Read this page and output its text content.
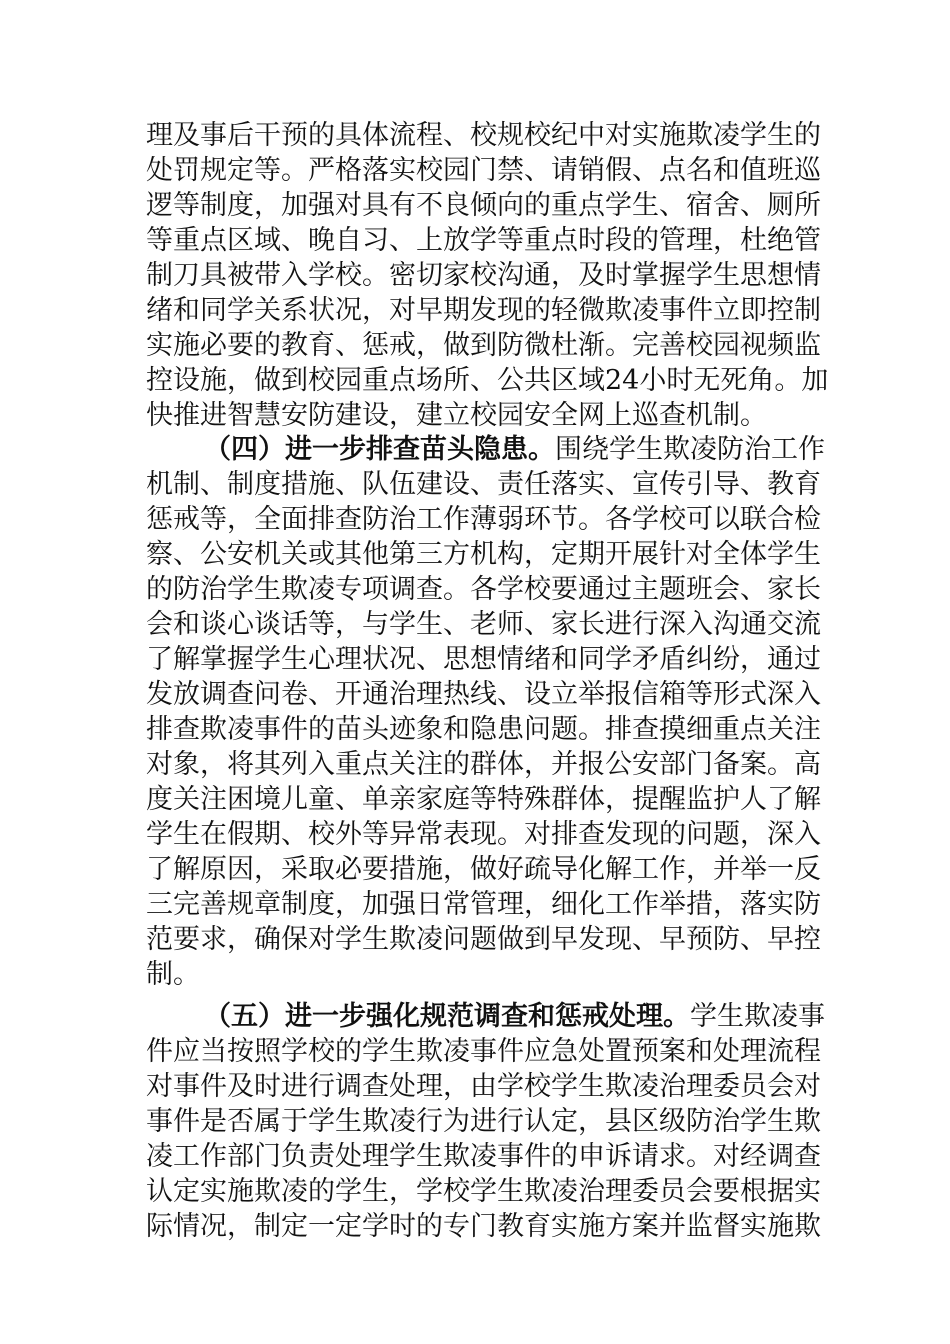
理及事后干预的具体流程、校规校纪中对实施欺凌学生的
处罚规定等。严格落实校园门禁、请销假、点名和值班巡
逻等制度，加强对具有不良倾向的重点学生、宿舍、厕所
等重点区域、晚自习、上放学等重点时段的管理，杜绝管
制刀具被带入学校。密切家校沟通，及时掌握学生思想情
绪和同学关系状况，对早期发现的轻微欺凌事件立即控制
实施必要的教育、惩戒，做到防微杜渐。完善校园视频监
控设施，做到校园重点场所、公共区域24小时无死角。加
快推进智慧安防建设，建立校园安全网上巡查机制。
（四）进一步排查苗头隐患。围绕学生欺凌防治工作
机制、制度措施、队伍建设、责任落实、宣传引导、教育
惩戒等，全面排查防治工作薄弱环节。各学校可以联合检
察、公安机关或其他第三方机构，定期开展针对全体学生
的防治学生欺凌专项调查。各学校要通过主题班会、家长
会和谈心谈话等，与学生、老师、家长进行深入沟通交流
了解掌握学生心理状况、思想情绪和同学矛盾纠纷，通过
发放调查问卷、开通治理热线、设立举报信箱等形式深入
排查欺凌事件的苗头迹象和隐患问题。排查摸细重点关注
对象，将其列入重点关注的群体，并报公安部门备案。高
度关注困境儿童、单亲家庭等特殊群体，提醒监护人了解
学生在假期、校外等异常表现。对排查发现的问题，深入
了解原因，采取必要措施，做好疏导化解工作，并举一反
三完善规章制度，加强日常管理，细化工作举措，落实防
范要求，确保对学生欺凌问题做到早发现、早预防、早控
制。
（五）进一步强化规范调查和惩戒处理。学生欺凌事
件应当按照学校的学生欺凌事件应急处置预案和处理流程
对事件及时进行调查处理，由学校学生欺凌治理委员会对
事件是否属于学生欺凌行为进行认定，县区级防治学生欺
凌工作部门负责处理学生欺凌事件的申诉请求。对经调查
认定实施欺凌的学生，学校学生欺凌治理委员会要根据实
际情况，制定一定学时的专门教育实施方案并监督实施欺
